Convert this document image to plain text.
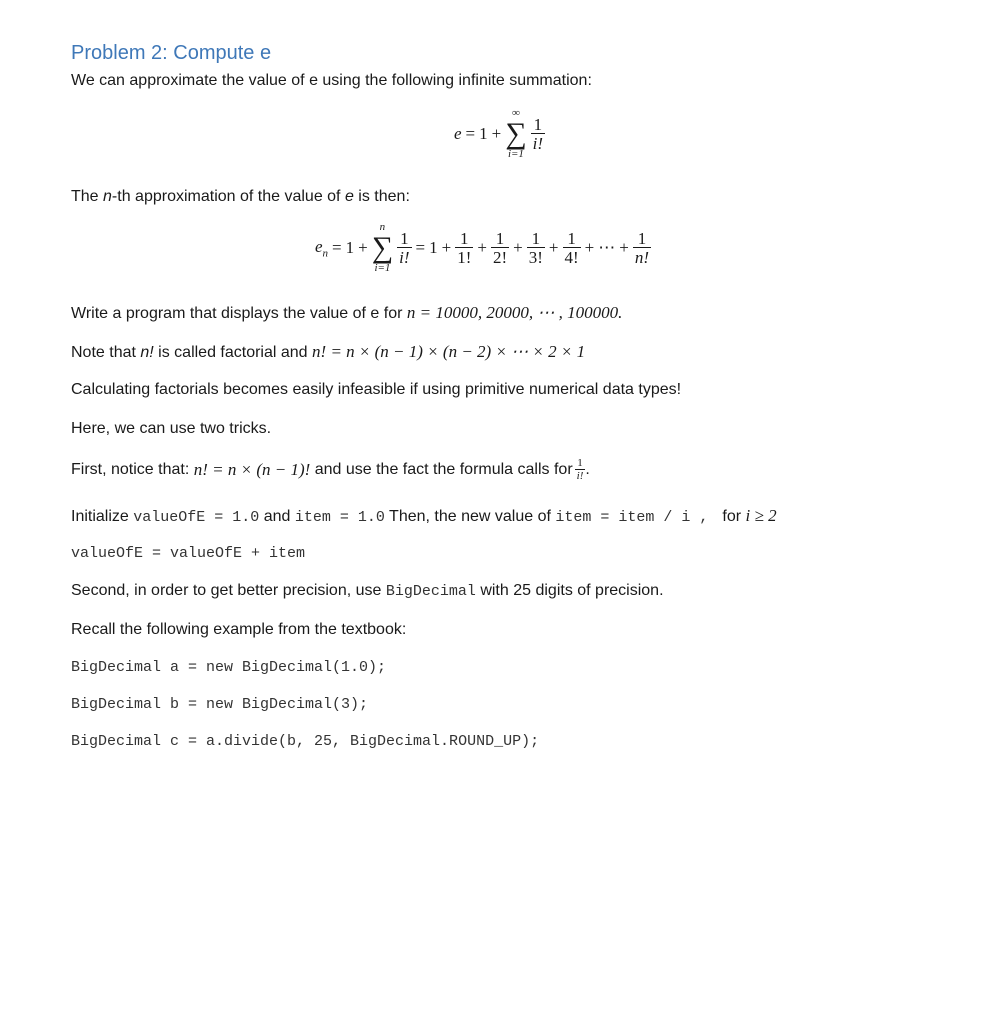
Problem 2: Compute e
We can approximate the value of e using the following infinite summation:
e = 1 +
∞
∑
i=1
$\frac{1}{i!}$
The n-th approximation of the value of e is then:
$e_n = 1$ +
n
∑
i=1
$\frac{1}{i!} = 1 + \frac{1}{1!} + \frac{1}{2!} + \frac{1}{3!} + \frac{1}{4!}$ + ⋯ + $\frac{1}{n!}$
Write a program that displays the value of e for n = 10000, 20000, ⋯ , 100000.
Note that n! is called factorial and n! = n × (n − 1) × (n − 2) × ⋯ × 2 × 1
Calculating factorials becomes easily infeasible if using primitive numerical data types!
Here, we can use two tricks.
First, notice that: n! = n × (n − 1)! and use the fact the formula calls for $\frac{1}{i!}$ .
Initialize valueOfE = 1.0 and item = 1.0 Then, the new value of item = item / i , for i ≥ 2
valueOfE = valueOfE + item
Second, in order to get better precision, use BigDecimal with 25 digits of precision.
Recall the following example from the textbook:
BigDecimal a = new BigDecimal(1.0);
BigDecimal b = new BigDecimal(3);
BigDecimal c = a.divide(b, 25, BigDecimal.ROUND_UP);
